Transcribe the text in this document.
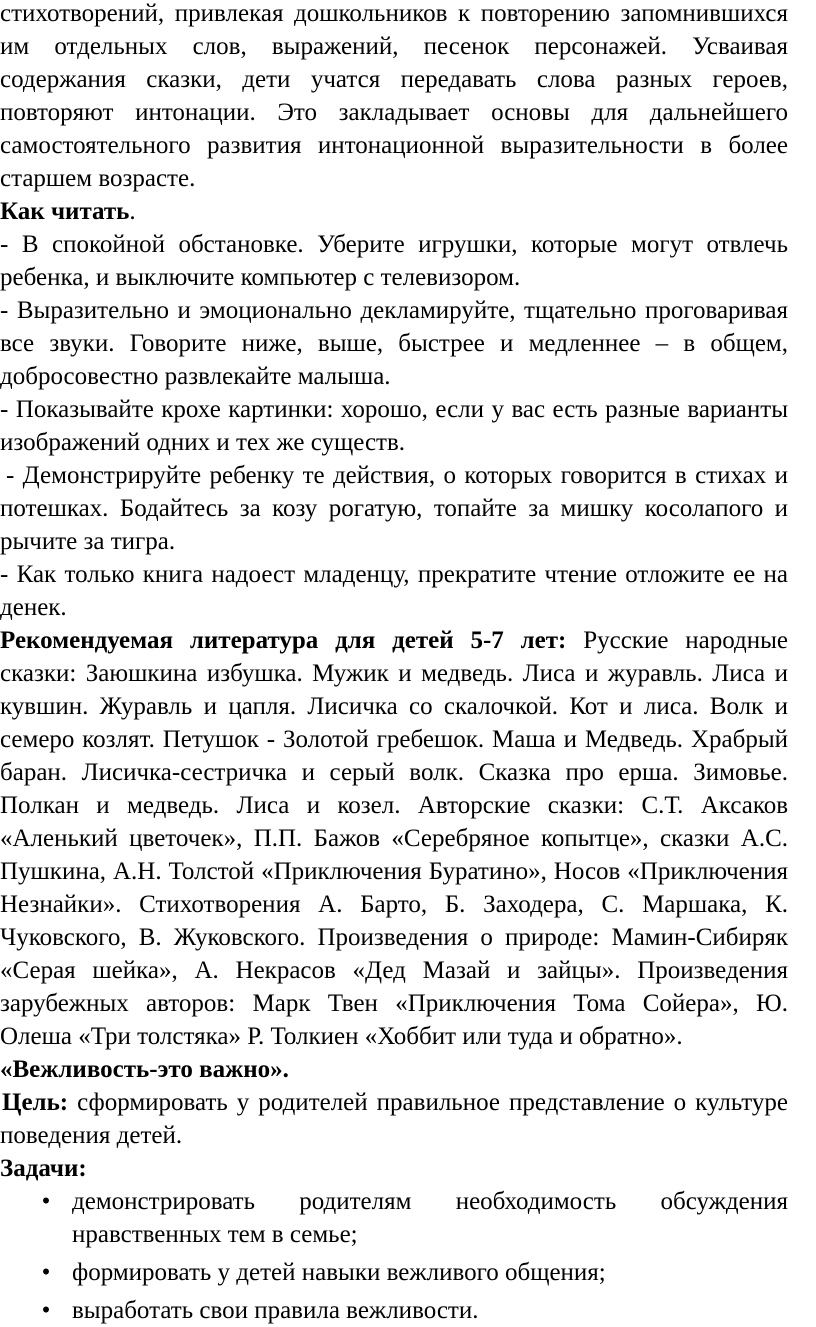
стихотворений, привлекая дошкольников к повторению запомнившихся им отдельных слов, выражений, песенок персонажей. Усваивая содержания сказки, дети учатся передавать слова разных героев, повторяют интонации. Это закладывает основы для дальнейшего самостоятельного развития интонационной выразительности в более старшем возрасте.

Как читать.

- В спокойной обстановке. Уберите игрушки, которые могут отвлечь ребенка, и выключите компьютер с телевизором.

- Выразительно и эмоционально декламируйте, тщательно проговаривая все звуки. Говорите ниже, выше, быстрее и медленнее – в общем, добросовестно развлекайте малыша.

- Показывайте крохе картинки: хорошо, если у вас есть разные варианты изображений одних и тех же существ.

- Демонстрируйте ребенку те действия, о которых говорится в стихах и потешках. Бодайтесь за козу рогатую, топайте за мишку косолапого и рычите за тигра.

- Как только книга надоест младенцу, прекратите чтение отложите ее на денек.

Рекомендуемая литература для детей 5-7 лет: Русские народные сказки: Заюшкина избушка. Мужик и медведь. Лиса и журавль. Лиса и кувшин. Журавль и цапля. Лисичка со скалочкой. Кот и лиса. Волк и семеро козлят. Петушок - Золотой гребешок. Маша и Медведь. Храбрый баран. Лисичка-сестричка и серый волк. Сказка про ерша. Зимовье. Полкан и медведь. Лиса и козел. Авторские сказки: С.Т. Аксаков «Аленький цветочек», П.П. Бажов «Серебряное копытце», сказки А.С. Пушкина, А.Н. Толстой «Приключения Буратино», Носов «Приключения Незнайки». Стихотворения А. Барто, Б. Заходера, С. Маршака, К. Чуковского, В. Жуковского. Произведения о природе: Мамин-Сибиряк «Серая шейка», А. Некрасов «Дед Мазай и зайцы». Произведения зарубежных авторов: Марк Твен «Приключения Тома Сойера», Ю. Олеша «Три толстяка» Р. Толкиен «Хоббит или туда и обратно».

«Вежливость-это важно».

Цель: сформировать у родителей правильное представление о культуре поведения детей.

Задачи:

• демонстрировать родителям необходимость обсуждения нравственных тем в семье;
• формировать у детей навыки вежливого общения;
• выработать свои правила вежливости.
